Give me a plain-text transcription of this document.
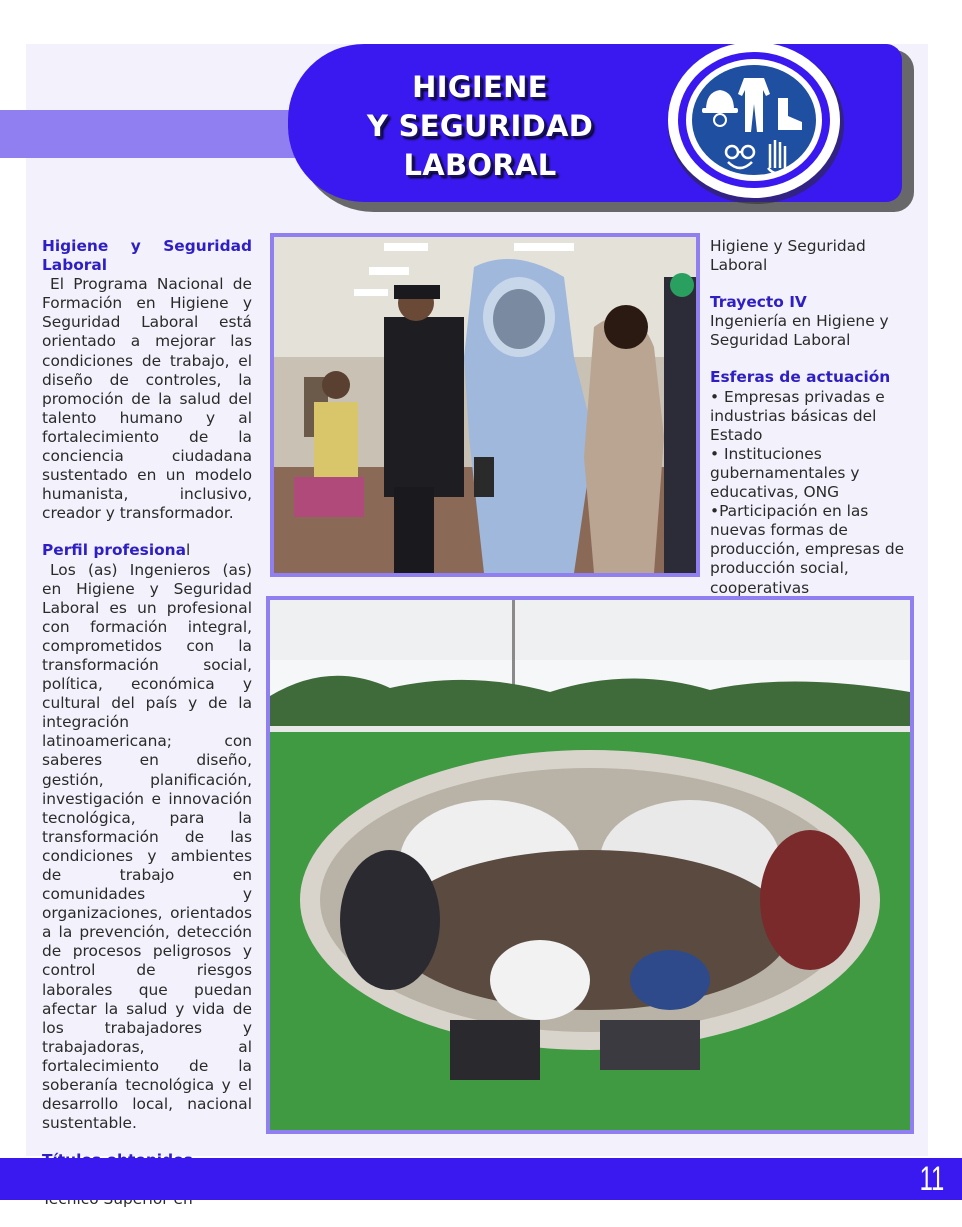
HIGIENE
Y SEGURIDAD
LABORAL
Higiene y Seguridad Laboral
El Programa Nacional de Formación en Higiene y Seguridad Laboral está orientado a mejorar las condiciones de trabajo, el diseño de controles, la promoción de la salud del talento humano y al fortalecimiento de la conciencia ciudadana sustentado en un modelo humanista, inclusivo, creador y transformador.
Perfil profesional
Los (as) Ingenieros (as) en Higiene y Seguridad Laboral es un profesional con formación integral, comprometidos con la transformación social, política, económica y cultural del país y de la integración latinoamericana; con saberes en diseño, gestión, planificación, investigación e innovación tecnológica, para la transformación de las condiciones y ambientes de trabajo en comunidades y organizaciones, orientados a la prevención, detección de procesos peligrosos y control de riesgos laborales que puedan afectar la salud y vida de los trabajadores y trabajadoras, al fortalecimiento de la soberanía tecnológica y el desarrollo local, nacional sustentable.
Higiene y Seguridad Laboral
Trayecto IV
Ingeniería en Higiene y Seguridad Laboral
Esferas de actuación
• Empresas privadas e industrias básicas del Estado
• Instituciones gubernamentales y educativas, ONG
•Participación en las nuevas formas de producción, empresas de producción social, cooperativas
11
